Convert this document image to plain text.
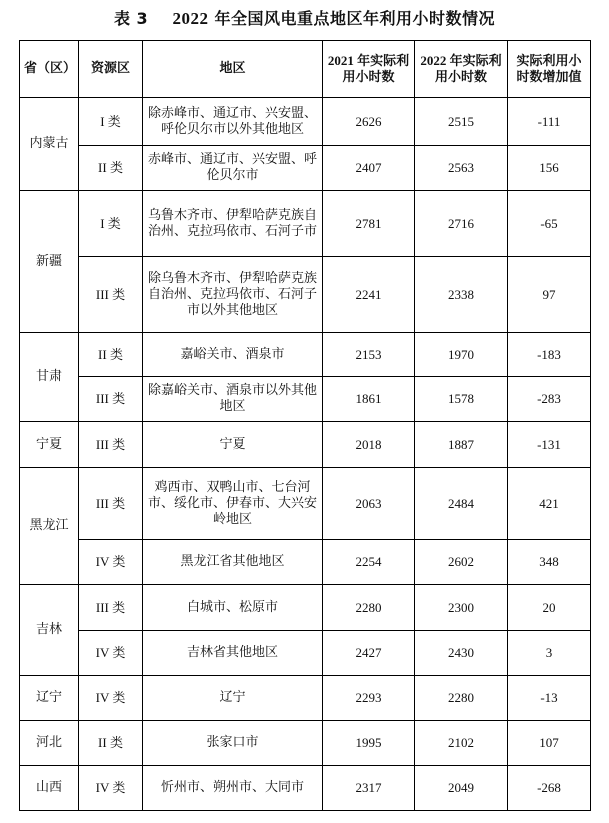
表 3 2022 年全国风电重点地区年利用小时数情况
省（区）	资源区	地区	2021 年实际利用小时数	2022 年实际利用小时数	实际利用小时数增加值
内蒙古	I 类	除赤峰市、通辽市、兴安盟、呼伦贝尔市以外其他地区	2626	2515	-111
	II 类	赤峰市、通辽市、兴安盟、呼伦贝尔市	2407	2563	156
新疆	I 类	乌鲁木齐市、伊犁哈萨克族自治州、克拉玛依市、石河子市	2781	2716	-65
	III 类	除乌鲁木齐市、伊犁哈萨克族自治州、克拉玛依市、石河子市以外其他地区	2241	2338	97
甘肃	II 类	嘉峪关市、酒泉市	2153	1970	-183
	III 类	除嘉峪关市、酒泉市以外其他地区	1861	1578	-283
宁夏	III 类	宁夏	2018	1887	-131
黑龙江	III 类	鸡西市、双鸭山市、七台河市、绥化市、伊春市、大兴安岭地区	2063	2484	421
	IV 类	黑龙江省其他地区	2254	2602	348
吉林	III 类	白城市、松原市	2280	2300	20
	IV 类	吉林省其他地区	2427	2430	3
辽宁	IV 类	辽宁	2293	2280	-13
河北	II 类	张家口市	1995	2102	107
山西	IV 类	忻州市、朔州市、大同市	2317	2049	-268
